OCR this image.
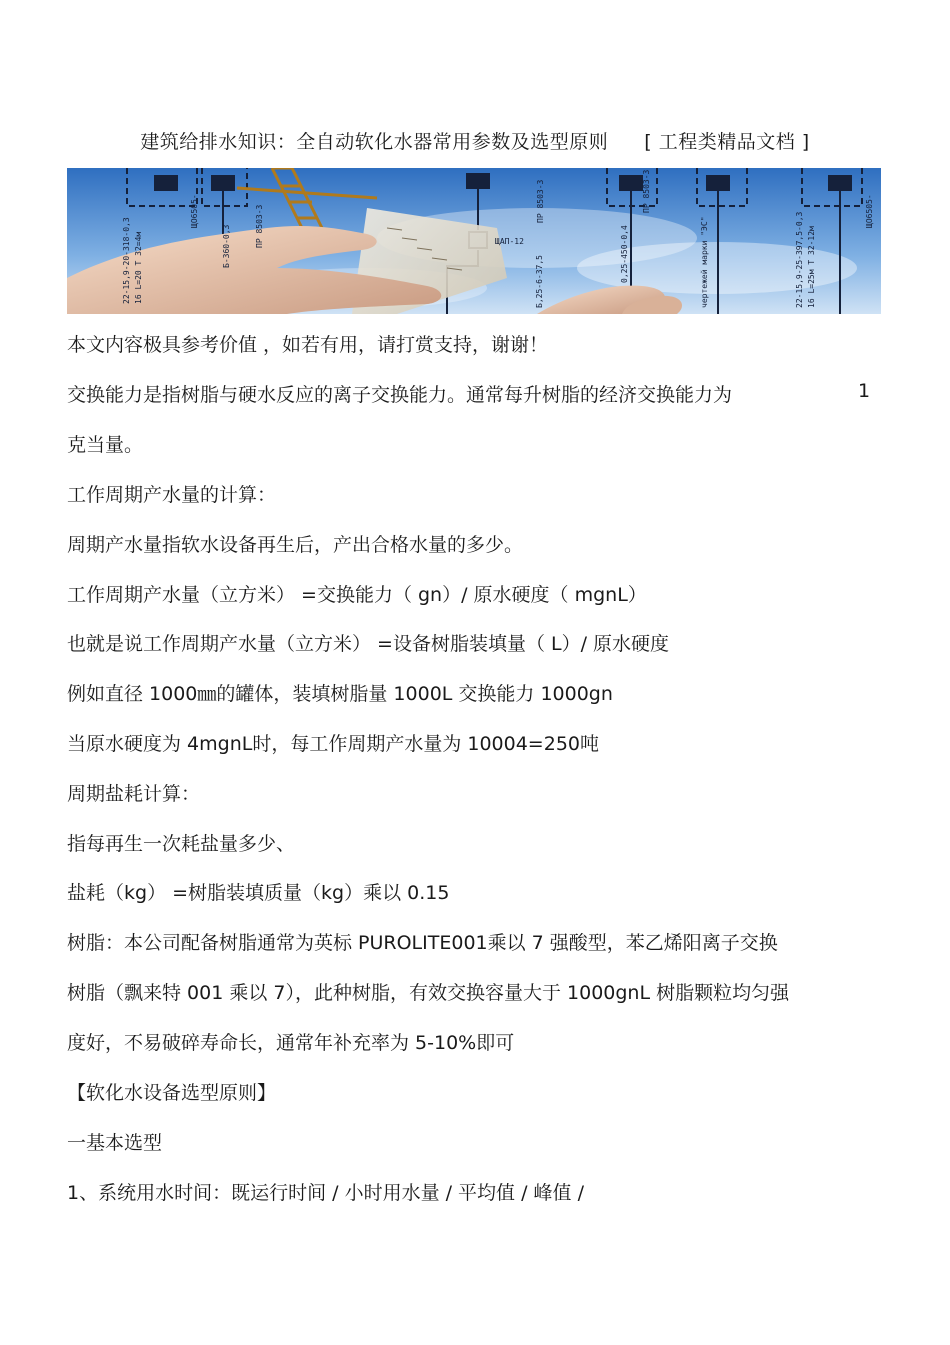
建筑给排水知识：全自动软化水器常用参数及选型原则 [ 工程类精品文档 ]
22-15,9-20-318-0,3
ЩО6505-
Б-360-0,3	ПР 8503-3	ЩАП-12
Б,25-6-37,5
ПР 8503-3	ПР 8503-3
чертежей марки "ЭС"	22-15,9-25-397,5-0,3
ЩО6505-
0,25-450-0,4
16 L=20 T 32=4м	16 L=25м T 32-12м
本文内容极具参考价值 ，如若有用，请打赏支持，谢谢！
交换能力是指树脂与硬水反应的离子交换能力。通常每升树脂的经济交换能力为	1
克当量。
工作周期产水量的计算：
周期产水量指软水设备再生后，产出合格水量的多少。
工作周期产水量（立方米） =交换能力（ gn）/ 原水硬度（ mgnL）
也就是说工作周期产水量（立方米） =设备树脂装填量（ L）/ 原水硬度
例如直径 1000㎜的罐体，装填树脂量 1000L 交换能力 1000gn
当原水硬度为 4mgnL时，每工作周期产水量为 10004=250吨
周期盐耗计算：
指每再生一次耗盐量多少、
盐耗（kg） =树脂装填质量（kg）乘以 0.15
树脂：本公司配备树脂通常为英标 PUROLITE001乘以 7 强酸型，苯乙烯阳离子交换
树脂（飘来特 001 乘以 7），此种树脂，有效交换容量大于 1000gnL 树脂颗粒均匀强
度好，不易破碎寿命长，通常年补充率为 5-10%即可
【软化水设备选型原则】
一基本选型
1、系统用水时间：既运行时间 / 小时用水量 / 平均值 / 峰值 /
